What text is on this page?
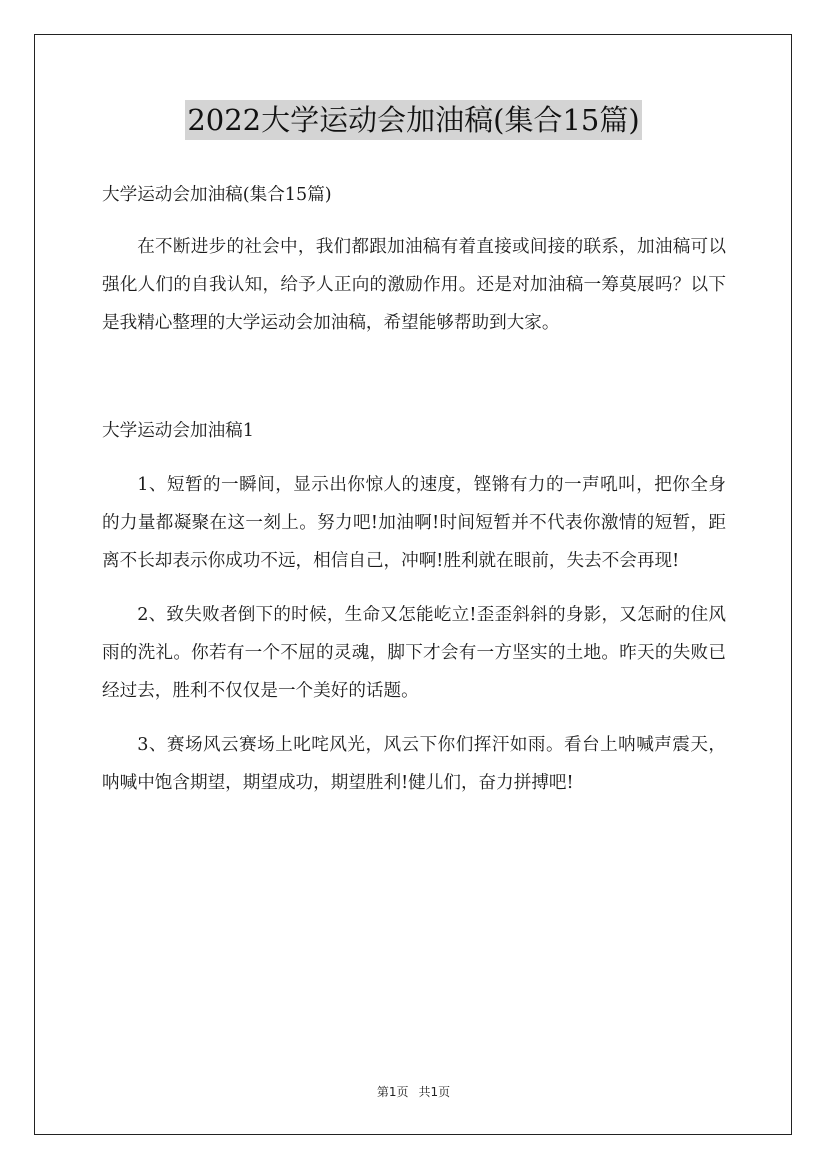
2022大学运动会加油稿(集合15篇)

大学运动会加油稿(集合15篇)

在不断进步的社会中，我们都跟加油稿有着直接或间接的联系，加油稿可以强化人们的自我认知，给予人正向的激励作用。还是对加油稿一筹莫展吗？以下是我精心整理的大学运动会加油稿，希望能够帮助到大家。

大学运动会加油稿1

1、短暂的一瞬间，显示出你惊人的速度，铿锵有力的一声吼叫，把你全身的力量都凝聚在这一刻上。努力吧!加油啊!时间短暂并不代表你激情的短暂，距离不长却表示你成功不远，相信自己，冲啊!胜利就在眼前，失去不会再现!

2、致失败者倒下的时候，生命又怎能屹立!歪歪斜斜的身影，又怎耐的住风雨的洗礼。你若有一个不屈的灵魂，脚下才会有一方坚实的土地。昨天的失败已经过去，胜利不仅仅是一个美好的话题。

3、赛场风云赛场上叱咤风光，风云下你们挥汗如雨。看台上呐喊声震天，呐喊中饱含期望，期望成功，期望胜利!健儿们，奋力拼搏吧!

第1页 共1页
